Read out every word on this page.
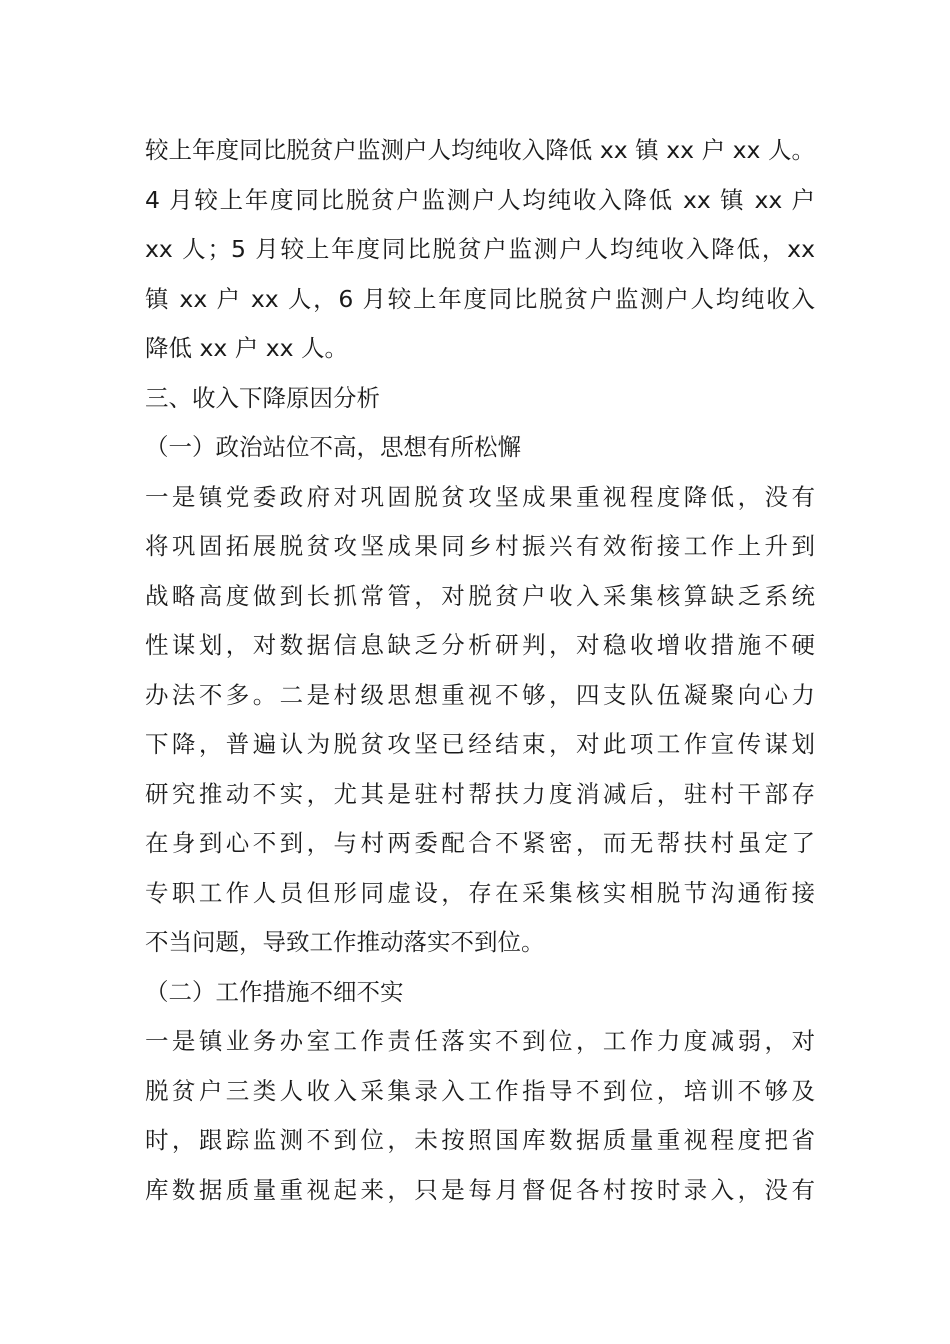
较上年度同比脱贫户监测户人均纯收入降低 xx 镇 xx 户 xx 人。
4 月较上年度同比脱贫户监测户人均纯收入降低 xx 镇 xx 户
xx 人；5 月较上年度同比脱贫户监测户人均纯收入降低，xx
镇 xx 户 xx 人，6 月较上年度同比脱贫户监测户人均纯收入
降低 xx 户 xx 人。
三、收入下降原因分析
（一）政治站位不高，思想有所松懈
一是镇党委政府对巩固脱贫攻坚成果重视程度降低，没有
将巩固拓展脱贫攻坚成果同乡村振兴有效衔接工作上升到
战略高度做到长抓常管，对脱贫户收入采集核算缺乏系统
性谋划，对数据信息缺乏分析研判，对稳收增收措施不硬
办法不多。二是村级思想重视不够，四支队伍凝聚向心力
下降，普遍认为脱贫攻坚已经结束，对此项工作宣传谋划
研究推动不实，尤其是驻村帮扶力度消减后，驻村干部存
在身到心不到，与村两委配合不紧密，而无帮扶村虽定了
专职工作人员但形同虚设，存在采集核实相脱节沟通衔接
不当问题，导致工作推动落实不到位。
（二）工作措施不细不实
一是镇业务办室工作责任落实不到位，工作力度减弱，对
脱贫户三类人收入采集录入工作指导不到位，培训不够及
时，跟踪监测不到位，未按照国库数据质量重视程度把省
库数据质量重视起来，只是每月督促各村按时录入，没有
